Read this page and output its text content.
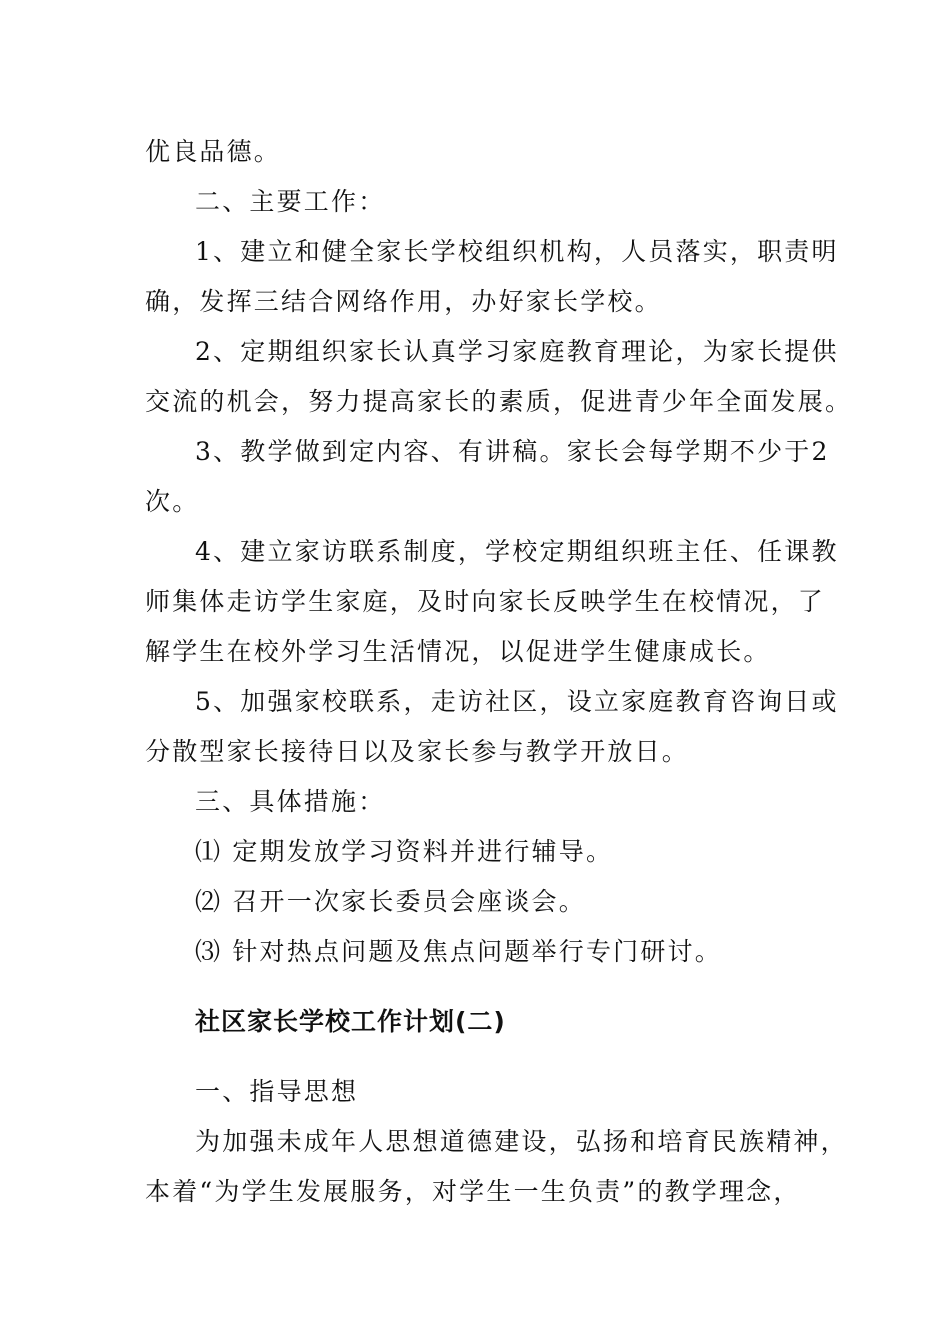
优良品德。
二、主要工作：
1、建立和健全家长学校组织机构，人员落实，职责明
确，发挥三结合网络作用，办好家长学校。
2、定期组织家长认真学习家庭教育理论，为家长提供
交流的机会，努力提高家长的素质，促进青少年全面发展。
3、教学做到定内容、有讲稿。家长会每学期不少于2
次。
4、建立家访联系制度，学校定期组织班主任、任课教
师集体走访学生家庭，及时向家长反映学生在校情况，了
解学生在校外学习生活情况，以促进学生健康成长。
5、加强家校联系，走访社区，设立家庭教育咨询日或
分散型家长接待日以及家长参与教学开放日。
三、具体措施：
⑴ 定期发放学习资料并进行辅导。
⑵ 召开一次家长委员会座谈会。
⑶ 针对热点问题及焦点问题举行专门研讨。
社区家长学校工作计划(二)
一、指导思想
为加强未成年人思想道德建设，弘扬和培育民族精神，
本着“为学生发展服务，对学生一生负责”的教学理念，
